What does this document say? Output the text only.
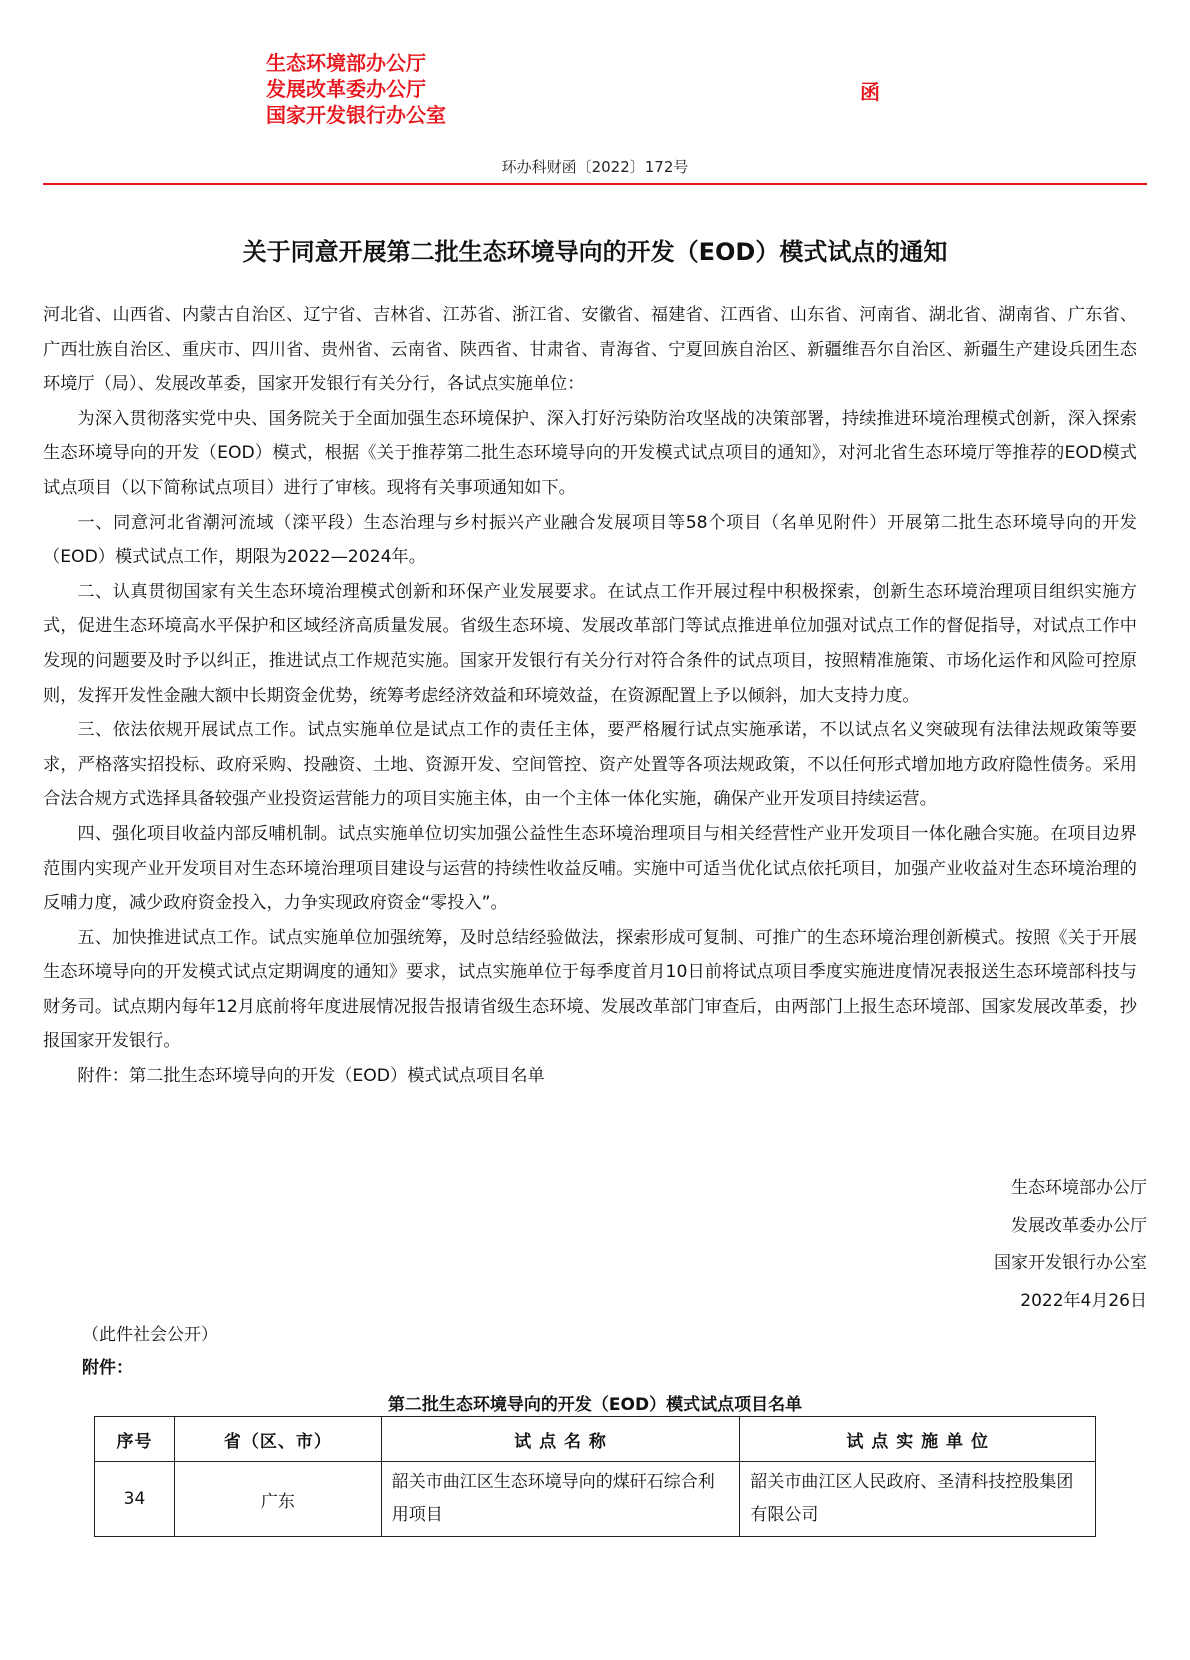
生态环境部办公厅
发展改革委办公厅
国家开发银行办公室
函
环办科财函〔2022〕172号
关于同意开展第二批生态环境导向的开发（EOD）模式试点的通知

河北省、山西省、内蒙古自治区、辽宁省、吉林省、江苏省、浙江省、安徽省、福建省、江西省、山东省、河南省、湖北省、湖南省、广东省、广西壮族自治区、重庆市、四川省、贵州省、云南省、陕西省、甘肃省、青海省、宁夏回族自治区、新疆维吾尔自治区、新疆生产建设兵团生态环境厅（局）、发展改革委，国家开发银行有关分行，各试点实施单位：

为深入贯彻落实党中央、国务院关于全面加强生态环境保护、深入打好污染防治攻坚战的决策部署，持续推进环境治理模式创新，深入探索生态环境导向的开发（EOD）模式，根据《关于推荐第二批生态环境导向的开发模式试点项目的通知》，对河北省生态环境厅等推荐的EOD模式试点项目（以下简称试点项目）进行了审核。现将有关事项通知如下。

一、同意河北省潮河流域（滦平段）生态治理与乡村振兴产业融合发展项目等58个项目（名单见附件）开展第二批生态环境导向的开发（EOD）模式试点工作，期限为2022—2024年。

二、认真贯彻国家有关生态环境治理模式创新和环保产业发展要求。在试点工作开展过程中积极探索，创新生态环境治理项目组织实施方式，促进生态环境高水平保护和区域经济高质量发展。省级生态环境、发展改革部门等试点推进单位加强对试点工作的督促指导，对试点工作中发现的问题要及时予以纠正，推进试点工作规范实施。国家开发银行有关分行对符合条件的试点项目，按照精准施策、市场化运作和风险可控原则，发挥开发性金融大额中长期资金优势，统筹考虑经济效益和环境效益，在资源配置上予以倾斜，加大支持力度。

三、依法依规开展试点工作。试点实施单位是试点工作的责任主体，要严格履行试点实施承诺，不以试点名义突破现有法律法规政策等要求，严格落实招投标、政府采购、投融资、土地、资源开发、空间管控、资产处置等各项法规政策，不以任何形式增加地方政府隐性债务。采用合法合规方式选择具备较强产业投资运营能力的项目实施主体，由一个主体一体化实施，确保产业开发项目持续运营。

四、强化项目收益内部反哺机制。试点实施单位切实加强公益性生态环境治理项目与相关经营性产业开发项目一体化融合实施。在项目边界范围内实现产业开发项目对生态环境治理项目建设与运营的持续性收益反哺。实施中可适当优化试点依托项目，加强产业收益对生态环境治理的反哺力度，减少政府资金投入，力争实现政府资金“零投入”。

五、加快推进试点工作。试点实施单位加强统筹，及时总结经验做法，探索形成可复制、可推广的生态环境治理创新模式。按照《关于开展生态环境导向的开发模式试点定期调度的通知》要求，试点实施单位于每季度首月10日前将试点项目季度实施进度情况表报送生态环境部科技与财务司。试点期内每年12月底前将年度进展情况报告报请省级生态环境、发展改革部门审查后，由两部门上报生态环境部、国家发展改革委，抄报国家开发银行。

附件：第二批生态环境导向的开发（EOD）模式试点项目名单

生态环境部办公厅
发展改革委办公厅
国家开发银行办公室
2022年4月26日
（此件社会公开）
附件：
第二批生态环境导向的开发（EOD）模式试点项目名单
序号	省（区、市）	试 点 名 称	试 点 实 施 单 位
34	广东	韶关市曲江区生态环境导向的煤矸石综合利用项目	韶关市曲江区人民政府、圣清科技控股集团有限公司
